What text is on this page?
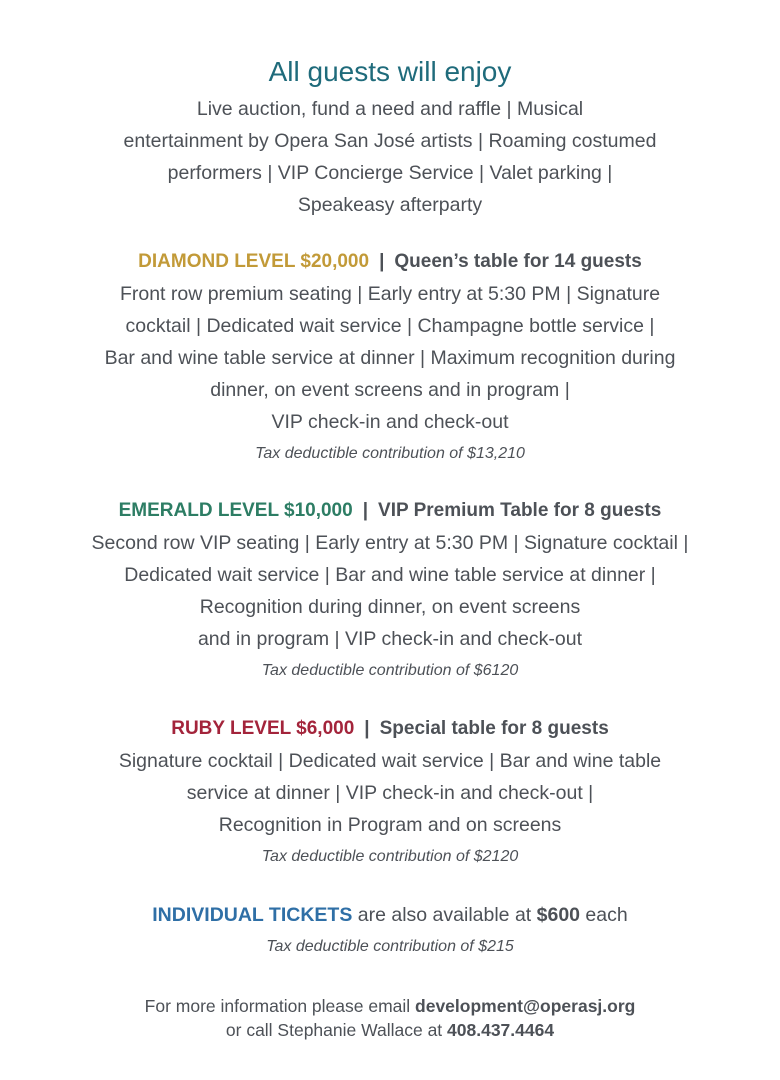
All guests will enjoy
Live auction, fund a need and raffle | Musical
entertainment by Opera San José artists | Roaming costumed
performers | VIP Concierge Service | Valet parking |
Speakeasy afterparty
DIAMOND LEVEL $20,000 | Queen’s table for 14 guests
Front row premium seating | Early entry at 5:30 PM | Signature
cocktail | Dedicated wait service | Champagne bottle service |
Bar and wine table service at dinner | Maximum recognition during
dinner, on event screens and in program |
VIP check-in and check-out
Tax deductible contribution of $13,210
EMERALD LEVEL $10,000 | VIP Premium Table for 8 guests
Second row VIP seating | Early entry at 5:30 PM | Signature cocktail |
Dedicated wait service | Bar and wine table service at dinner |
Recognition during dinner, on event screens
and in program | VIP check-in and check-out
Tax deductible contribution of $6120
RUBY LEVEL $6,000 | Special table for 8 guests
Signature cocktail | Dedicated wait service | Bar and wine table
service at dinner | VIP check-in and check-out |
Recognition in Program and on screens
Tax deductible contribution of $2120
INDIVIDUAL TICKETS are also available at $600 each
Tax deductible contribution of $215
For more information please email development@operasj.org
or call Stephanie Wallace at 408.437.4464
